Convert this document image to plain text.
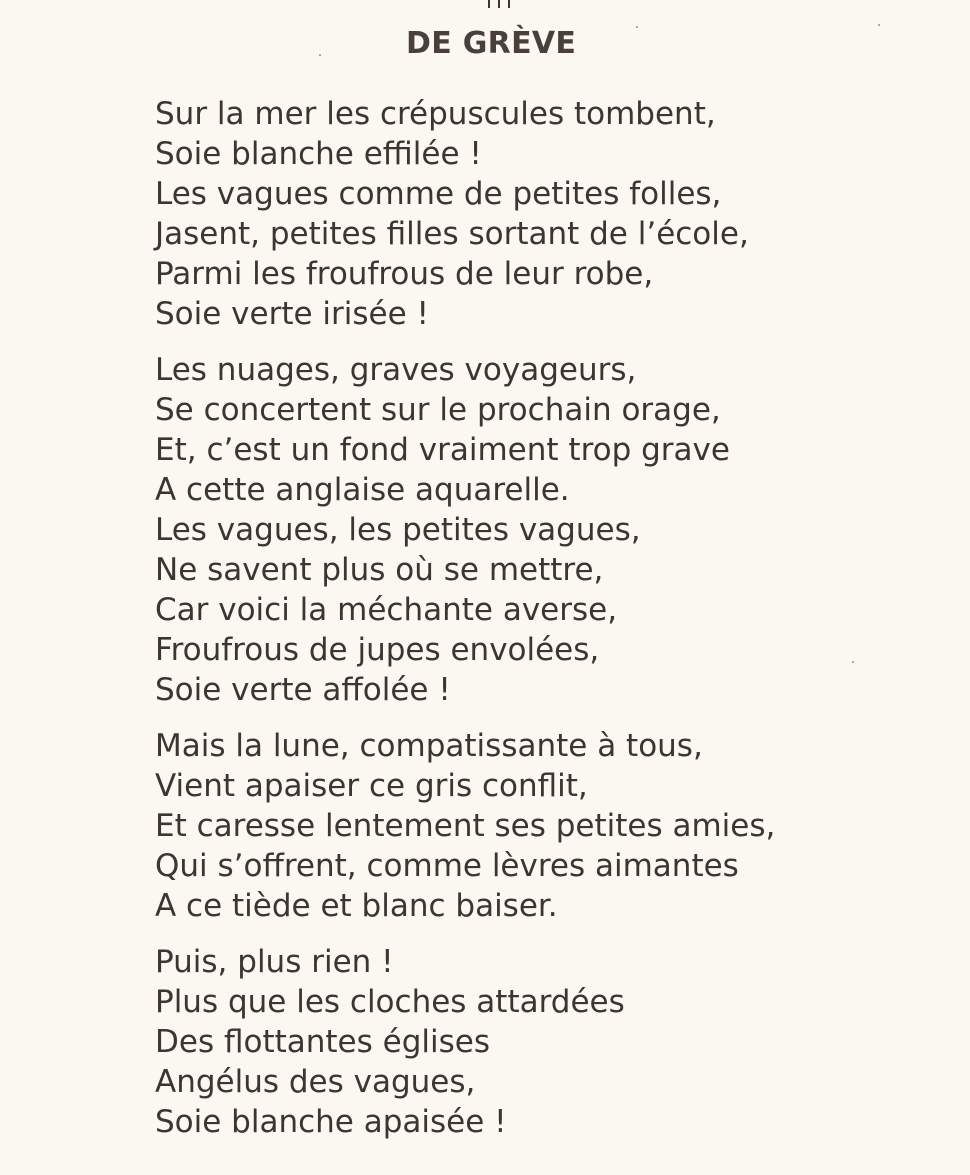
DE GRÈVE
Sur la mer les crépuscules tombent,
Soie blanche effilée !
Les vagues comme de petites folles,
Jasent, petites filles sortant de l’école,
Parmi les froufrous de leur robe,
Soie verte irisée !
Les nuages, graves voyageurs,
Se concertent sur le prochain orage,
Et, c’est un fond vraiment trop grave
A cette anglaise aquarelle.
Les vagues, les petites vagues,
Ne savent plus où se mettre,
Car voici la méchante averse,
Froufrous de jupes envolées,
Soie verte affolée !
Mais la lune, compatissante à tous,
Vient apaiser ce gris conflit,
Et caresse lentement ses petites amies,
Qui s’offrent, comme lèvres aimantes
A ce tiède et blanc baiser.
Puis, plus rien !
Plus que les cloches attardées
Des flottantes églises
Angélus des vagues,
Soie blanche apaisée !
